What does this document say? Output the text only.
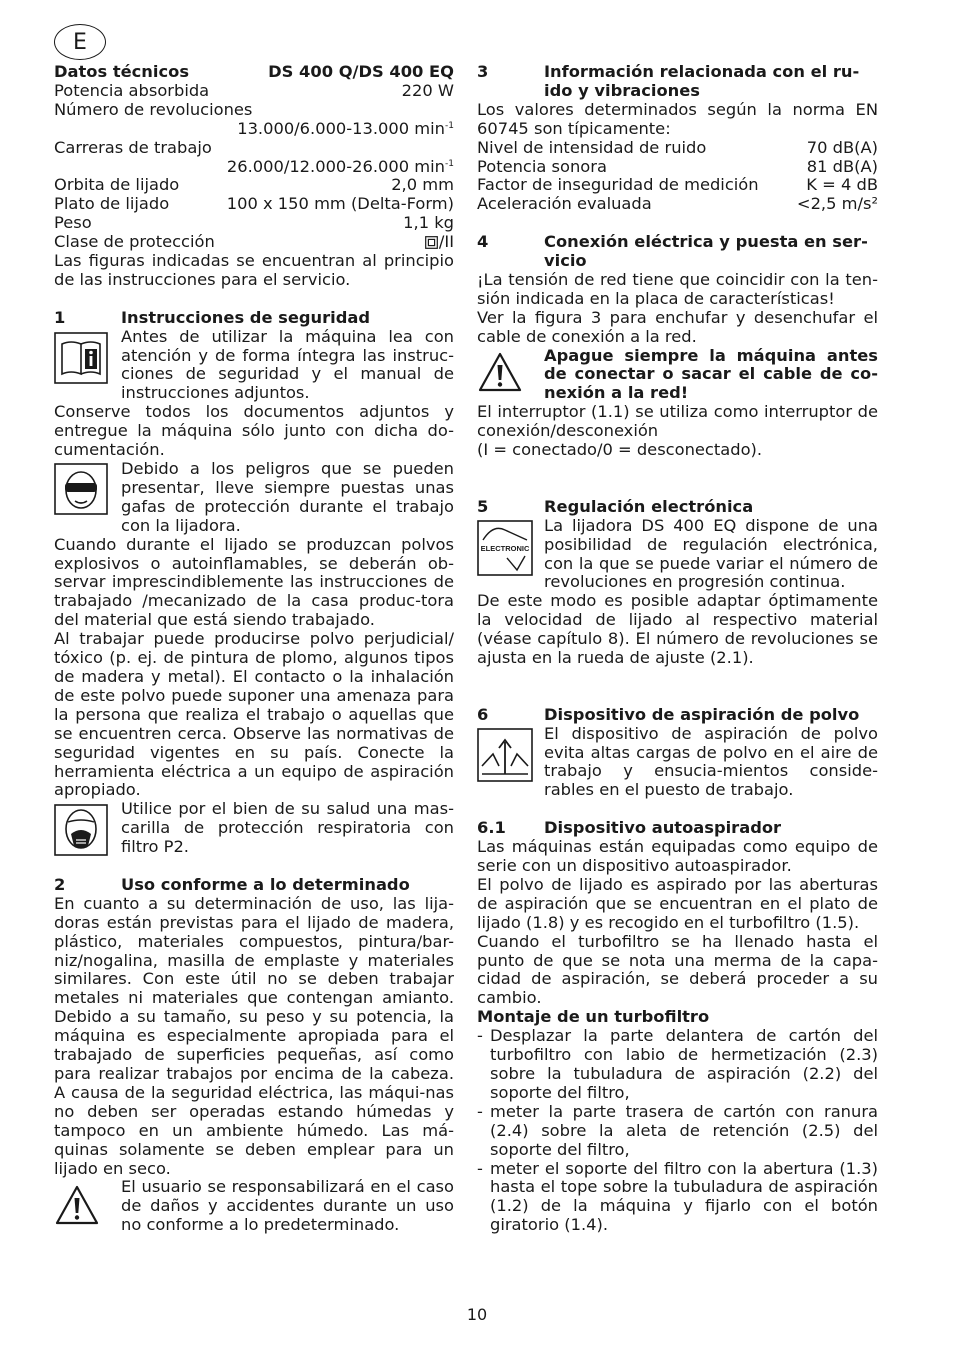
E
Datos técnicos	DS 400 Q/DS 400 EQ
Potencia absorbida	220 W
Número de revoluciones
13.000/6.000-13.000 $\min^{-1}$
Carreras de trabajo
26.000/12.000-26.000 $\min^{-1}$
Orbita de lijado	2,0 mm
Plato de lijado	100 x 150 mm (Delta-Form)
Peso	1,1 kg
Clase de protección	/II

Las figuras indicadas se encuentran al principio de las instrucciones para el servicio.

1	Instrucciones de seguridad

Antes de utilizar la máquina lea con atención y de forma íntegra las instruc-ciones de seguridad y el manual de instrucciones adjuntos.

Conserve todos los documentos adjuntos y entregue la máquina sólo junto con dicha do-cumentación.

Debido a los peligros que se pueden presentar, lleve siempre puestas unas gafas de protección durante el trabajo con la lijadora.

Cuando durante el lijado se produzcan polvos explosivos o autoinflamables, se deberán ob-servar imprescindiblemente las instrucciones de trabajado /mecanizado de la casa produc-tora del material que está siendo trabajado.

Al trabajar puede producirse polvo perjudicial/ tóxico (p. ej. de pintura de plomo, algunos tipos de madera y metal). El contacto o la inhalación de este polvo puede suponer una amenaza para la persona que realiza el trabajo o aquellas que se encuentren cerca. Observe las normativas de seguridad vigentes en su país. Conecte la herramienta eléctrica a un equipo de aspiración apropiado.

Utilice por el bien de su salud una mas-carilla de protección respiratoria con filtro P2.

2	Uso conforme a lo determinado

En cuanto a su determinación de uso, las lija-doras están previstas para el lijado de madera, plástico, materiales compuestos, pintura/bar-niz/nogalina, masilla de emplaste y materiales similares. Con este útil no se deben trabajar metales ni materiales que contengan amianto. Debido a su tamaño, su peso y su potencia, la máquina es especialmente apropiada para el trabajado de superficies pequeñas, así como para realizar trabajos por encima de la cabeza. A causa de la seguridad eléctrica, las máqui-nas no deben ser operadas estando húmedas y tampoco en un ambiente húmedo. Las má-quinas solamente se deben emplear para un lijado en seco.

El usuario se responsabilizará en el caso de daños y accidentes durante un uso no conforme a lo predeterminado.

3	Información relacionada con el ru-ido y vibraciones

Los valores determinados según la norma EN 60745 son típicamente:

Nivel de intensidad de ruido	70 dB(A)
Potencia sonora	81 dB(A)
Factor de inseguridad de medición	K = 4 dB
Aceleración evaluada	<2,5 m/s²
4	Conexión eléctrica y puesta en ser-vicio

¡La tensión de red tiene que coincidir con la ten-sión indicada en la placa de características!

Ver la figura 3 para enchufar y desenchufar el cable de conexión a la red.

Apague siempre la máquina antes de conectar o sacar el cable de co-nexión a la red!

El interruptor (1.1) se utiliza como interruptor de conexión/desconexión

(I = conectado/0 = desconectado).

5	Regulación electrónica
ELECTRONIC

La lijadora DS 400 EQ dispone de una posibilidad de regulación electrónica, con la que se puede variar el número de revoluciones en progresión continua.

De este modo es posible adaptar óptimamente la velocidad de lijado al respectivo material (véase capítulo 8). El número de revoluciones se ajusta en la rueda de ajuste (2.1).

6	Dispositivo de aspiración de polvo

El dispositivo de aspiración de polvo evita altas cargas de polvo en el aire de trabajo y ensucia-mientos conside-rables en el puesto de trabajo.

6.1	Dispositivo autoaspirador

Las máquinas están equipadas como equipo de serie con un dispositivo autoaspirador.

El polvo de lijado es aspirado por las aberturas de aspiración que se encuentran en el plato de lijado (1.8) y es recogido en el turbofiltro (1.5).

Cuando el turbofiltro se ha llenado hasta el punto de que se nota una merma de la capa-cidad de aspiración, se deberá proceder a su cambio.

Montaje de un turbofiltro

- Desplazar la parte delantera de cartón del turbofiltro con labio de hermetización (2.3) sobre la tubuladura de aspiración (2.2) del soporte del filtro,
- meter la parte trasera de cartón con ranura (2.4) sobre la aleta de retención (2.5) del soporte del filtro,
- meter el soporte del filtro con la abertura (1.3) hasta el tope sobre la tubuladura de aspiración (1.2) de la máquina y fijarlo con el botón giratorio (1.4).
10
